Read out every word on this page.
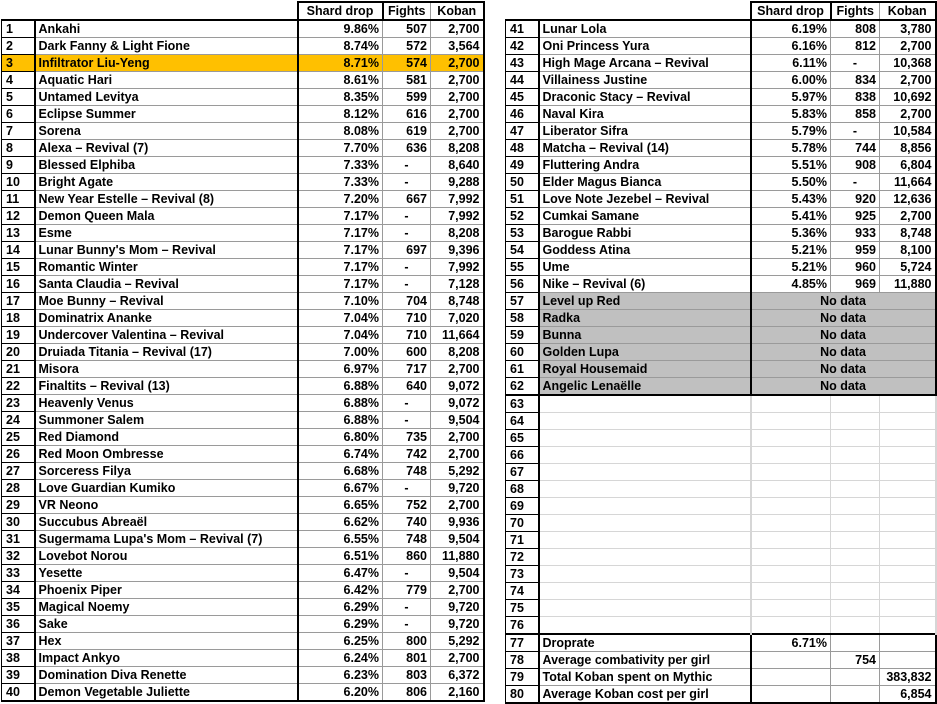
		Shard drop	Fights	Koban
1	Ankahi	9.86%	507	2,700
2	Dark Fanny & Light Fione	8.74%	572	3,564
3	Infiltrator Liu-Yeng	8.71%	574	2,700
4	Aquatic Hari	8.61%	581	2,700
5	Untamed Levitya	8.35%	599	2,700
6	Eclipse Summer	8.12%	616	2,700
7	Sorena	8.08%	619	2,700
8	Alexa – Revival (7)	7.70%	636	8,208
9	Blessed Elphiba	7.33%	-	8,640
10	Bright Agate	7.33%	-	9,288
11	New Year Estelle – Revival (8)	7.20%	667	7,992
12	Demon Queen Mala	7.17%	-	7,992
13	Esme	7.17%	-	8,208
14	Lunar Bunny's Mom – Revival	7.17%	697	9,396
15	Romantic Winter	7.17%	-	7,992
16	Santa Claudia – Revival	7.17%	-	7,128
17	Moe Bunny – Revival	7.10%	704	8,748
18	Dominatrix Ananke	7.04%	710	7,020
19	Undercover Valentina – Revival	7.04%	710	11,664
20	Druiada Titania – Revival (17)	7.00%	600	8,208
21	Misora	6.97%	717	2,700
22	Finaltits – Revival (13)	6.88%	640	9,072
23	Heavenly Venus	6.88%	-	9,072
24	Summoner Salem	6.88%	-	9,504
25	Red Diamond	6.80%	735	2,700
26	Red Moon Ombresse	6.74%	742	2,700
27	Sorceress Filya	6.68%	748	5,292
28	Love Guardian Kumiko	6.67%	-	9,720
29	VR Neono	6.65%	752	2,700
30	Succubus Abreaël	6.62%	740	9,936
31	Sugermama Lupa's Mom – Revival (7)	6.55%	748	9,504
32	Lovebot Norou	6.51%	860	11,880
33	Yesette	6.47%	-	9,504
34	Phoenix Piper	6.42%	779	2,700
35	Magical Noemy	6.29%	-	9,720
36	Sake	6.29%	-	9,720
37	Hex	6.25%	800	5,292
38	Impact Ankyo	6.24%	801	2,700
39	Domination Diva Renette	6.23%	803	6,372
40	Demon Vegetable Juliette	6.20%	806	2,160
		Shard drop	Fights	Koban
41	Lunar Lola	6.19%	808	3,780
42	Oni Princess Yura	6.16%	812	2,700
43	High Mage Arcana – Revival	6.11%	-	10,368
44	Villainess Justine	6.00%	834	2,700
45	Draconic Stacy – Revival	5.97%	838	10,692
46	Naval Kira	5.83%	858	2,700
47	Liberator Sifra	5.79%	-	10,584
48	Matcha – Revival (14)	5.78%	744	8,856
49	Fluttering Andra	5.51%	908	6,804
50	Elder Magus Bianca	5.50%	-	11,664
51	Love Note Jezebel – Revival	5.43%	920	12,636
52	Cumkai Samane	5.41%	925	2,700
53	Barogue Rabbi	5.36%	933	8,748
54	Goddess Atina	5.21%	959	8,100
55	Ume	5.21%	960	5,724
56	Nike – Revival (6)	4.85%	969	11,880
57	Level up Red	No data		
58	Radka	No data		
59	Bunna	No data		
60	Golden Lupa	No data		
61	Royal Housemaid	No data		
62	Angelic Lenaëlle	No data		
63				
64				
65				
66				
67				
68				
69				
70				
71				
72				
73				
74				
75				
76				
77	Droprate	6.71%		
78	Average combativity per girl		754	
79	Total Koban spent on Mythic			383,832
80	Average Koban cost per girl			6,854
